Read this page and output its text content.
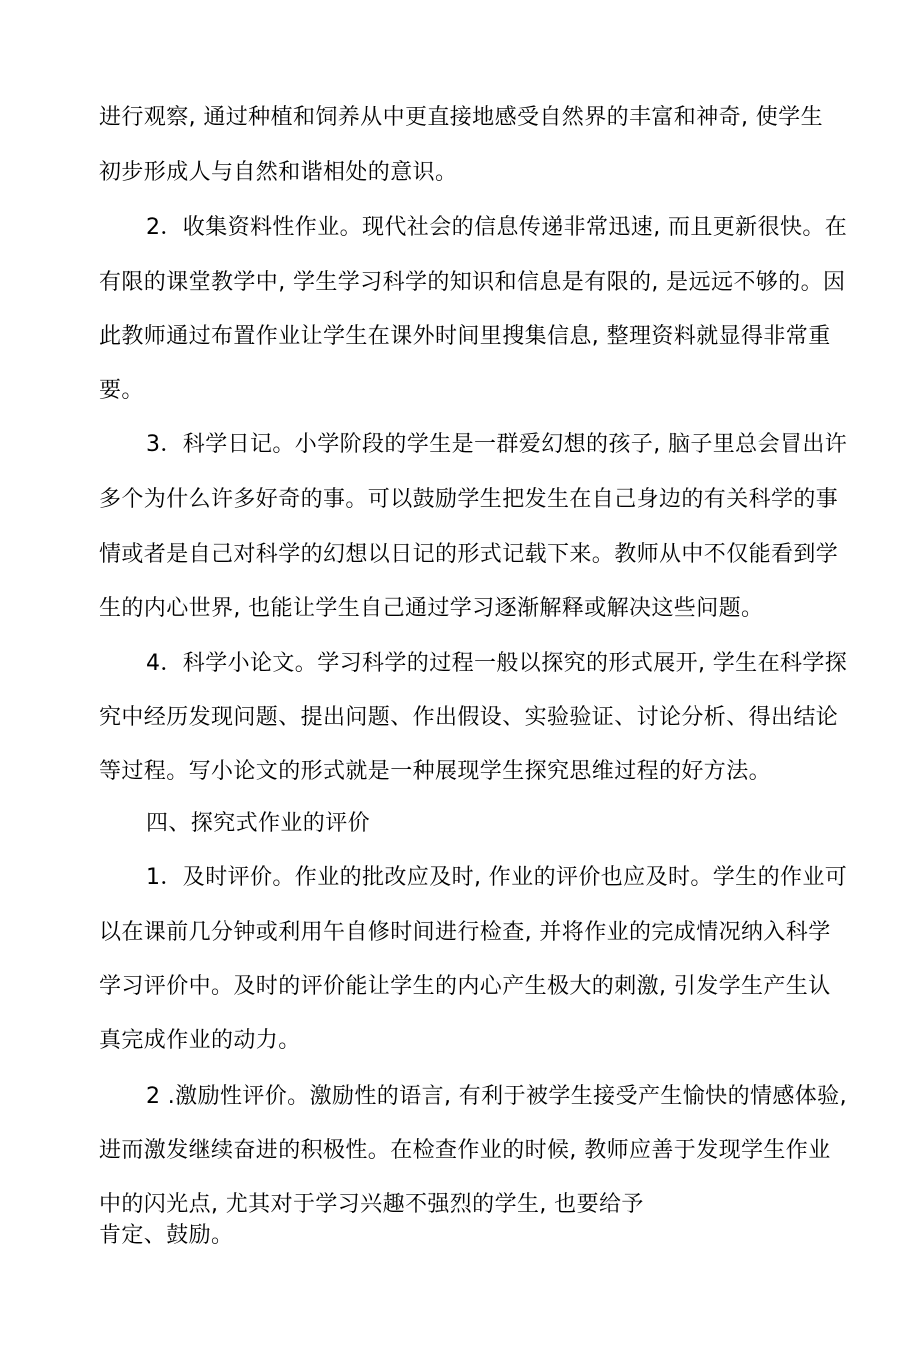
进行观察, 通过种植和饲养从中更直接地感受自然界的丰富和神奇, 使学生
初步形成人与自然和谐相处的意识。
2．收集资料性作业。现代社会的信息传递非常迅速, 而且更新很快。在
有限的课堂教学中, 学生学习科学的知识和信息是有限的, 是远远不够的。因
此教师通过布置作业让学生在课外时间里搜集信息, 整理资料就显得非常重
要。
3．科学日记。小学阶段的学生是一群爱幻想的孩子, 脑子里总会冒出许
多个为什么许多好奇的事。可以鼓励学生把发生在自己身边的有关科学的事
情或者是自己对科学的幻想以日记的形式记载下来。教师从中不仅能看到学
生的内心世界, 也能让学生自己通过学习逐渐解释或解决这些问题。
4．科学小论文。学习科学的过程一般以探究的形式展开, 学生在科学探
究中经历发现问题、提出问题、作出假设、实验验证、讨论分析、得出结论
等过程。写小论文的形式就是一种展现学生探究思维过程的好方法。
四、探究式作业的评价
1．及时评价。作业的批改应及时, 作业的评价也应及时。学生的作业可
以在课前几分钟或利用午自修时间进行检查, 并将作业的完成情况纳入科学
学习评价中。及时的评价能让学生的内心产生极大的刺激, 引发学生产生认
真完成作业的动力。
2 .激励性评价。激励性的语言, 有利于被学生接受产生愉快的情感体验,
进而激发继续奋进的积极性。在检查作业的时候, 教师应善于发现学生作业
中的闪光点, 尤其对于学习兴趣不强烈的学生, 也要给予
肯定、鼓励。
